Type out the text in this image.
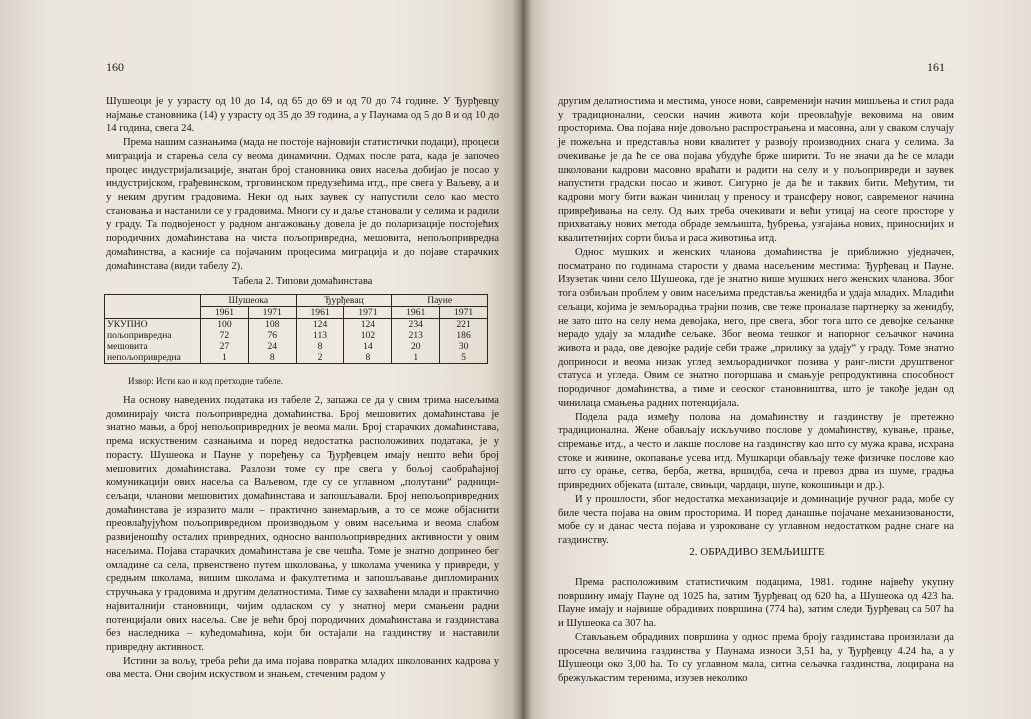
160

Шушеоци је у узрасту од 10 до 14, од 65 до 69 и од 70 до 74 године. У Ђурђевцу најмање становника (14) у узрасту од 35 до 39 година, а у Паунама од 5 до 8 и од 10 до 14 година, свега 24.

Према нашим сазнањима (мада не постоје најновији статистички подаци), процеси миграција и старења села су веома динамични. Одмах после рата, када је започео процес индустријализације, знатан број становника ових насеља добијао је посао у индустријском, грађевинском, трговинском предузећима итд., пре свега у Ваљеву, а и у неким другим градовима. Неки од њих заувек су напустили село као место становања и настанили се у градовима. Многи су и даље становали у селима и радили у граду. Та подвојеност у радном ангажовању довела је до поларизације постојећих породичних домаћинстава на чиста пољопривредна, мешовита, непољопривредна домаћинства, а касније са појачаним процесима миграција и до појаве старачких домаћинстава (види табелу 2).

Табела 2. Типови домаћинстава
	Шушеока		Ђурђевац		Пауне	
	1961	1971	1961	1971	1961	1971
УКУПНО	100	108	124	124	234	221
пољопривредна	72	76	113	102	213	186
мешовита	27	24	8	14	20	30
непољопривредна	1	8	2	8	1	5
Извор: Исти као и код претходне табеле.

На основу наведених података из табеле 2, запажа се да у свим трима насељима доминирају чиста пољопривредна домаћинства. Број мешовитих домаћинстава је знатно мањи, а број непољопривредних је веома мали. Број старачких домаћинстава, према искуственим сазнањима и поред недостатка расположивих података, је у порасту. Шушеока и Пауне у поређењу са Ђурђевцем имају нешто већи број мешовитих домаћинстава. Разлози томе су пре свега у бољој саобраћајној комуникацији ових насеља са Ваљевом, где су се углавном „полутани“ радници-сељаци, чланови мешовитих домаћинстава и запошљавали. Број непољопривредних домаћинстава је изразито мали – практично занемарљив, а то се може објаснити преовлађујућом пољопривредном производњом у овим насељима и веома слабом развијеношћу осталих привредних, односно ванпољопривредних активности у овим насељима. Појава старачких домаћинстава је све чешћа. Томе је знатно допринео бег омладине са села, првенствено путем школовања, у школама ученика у привреди, у средњим школама, вишим школама и факултетима и запошљавање дипломираних стручњака у градовима и другим делатностима. Тиме су захваћени млади и практично највиталнији становници, чијим одласком су у знатној мери смањени радни потенцијали ових насеља. Све је већи број породичних домаћинстава и газдинстава без наследника – кућедомаћина, који би остајали на газдинству и наставили привредну активност.

Истини за вољу, треба рећи да има појава повратка младих школованих кадрова у ова места. Они својим искуством и знањем, стеченим радом у

161

другим делатностима и местима, уносе нови, савременији начин мишљења и стил рада у традиционални, сеоски начин живота који преовлађује вековима на овим просторима. Ова појава није довољно распрострањена и масовна, али у сваком случају је пожељна и представља нови квалитет у развоју производних снага у селима. За очекивање је да ће се ова појава убудуће брже ширити. То не значи да ће се млади школовани кадрови масовно враћати и радити на селу и у пољопривреди и заувек напустити градски посао и живот. Сигурно је да ће и таквих бити. Међутим, ти кадрови могу бити важан чинилац у преносу и трансферу новог, савременог начина привређивања на селу. Од њих треба очекивати и већи утицај на сеоге просторе у прихватању нових метода обраде земљишта, ђубрења, узгајања нових, приноснијих и квалитетнијих сорти биља и раса животиња итд.

Однос мушких и женских чланова домаћинства је приближно уједначен, посматрано по годинама старости у двама насељеним местима: Ђурђевац и Пауне. Изузетак чини село Шушеока, где је знатно више мушких него женских чланова. Због тога озбиљан проблем у овим насељима представља женидба и удаја младих. Младићи сељаци, којима је земљорадња трајни позив, све теже проналазе партнерку за женидбу, не зато што на селу нема девојака, него, пре свега, због тога што се девојке сељанке нерадо удају за младиће сељаке. Због веома тешког и напорног сељачког начина живота и рада, ове девојке радије себи траже „прилику за удају“ у граду. Томе знатно доприноси и веома низак углед земљорадничког позива у ранг-листи друштвеног статуса и угледа. Овим се знатно погоршава и смањује репродуктивна способност породичног домаћинства, а тиме и сеоског становништва, што је такође један од чинилаца смањења радних потенцијала.

Подела рада између полова на домаћинству и газдинству је претежно традиционална. Жене обављају искључиво послове у домаћинству, кување, прање, спремање итд., а често и лакше послове на газдинству као што су мужа крава, исхрана стоке и живине, окопавање усева итд. Мушкарци обављају теже физичке послове као што су орање, сетва, берба, жетва, вршидба, сеча и превоз дрва из шуме, градња привредних објеката (штале, свињци, чардаци, шупе, кокошињци и др.).

И у прошлости, због недостатка механизације и доминације ручног рада, мобе су биле честа појава на овим просторима. И поред данашње појачане механизованости, мобе су и данас честа појава и узроковане су углавном недостатком радне снаге на газдинству.

2. ОБРАДИВО ЗЕМЉИШТЕ

Према расположивим статистичким подацима, 1981. године највећу укупну површину имају Пауне од 1025 ha, затим Ђурђевац од 620 ha, а Шушеока од 423 ha. Пауне имају и највише обрадивих површина (774 ha), затим следи Ђурђевац са 507 ha и Шушеока са 307 ha.

Стављањем обрадивих површина у однос према броју газдинстава произилази да просечна величина газдинства у Паунама износи 3,51 ha, у Ђурђевцу 4.24 ha, а у Шушеоци око 3,00 ha. То су углавном мала, ситна сељачка газдинства, лоцирана на брежуљкастим теренима, изузев неколико
